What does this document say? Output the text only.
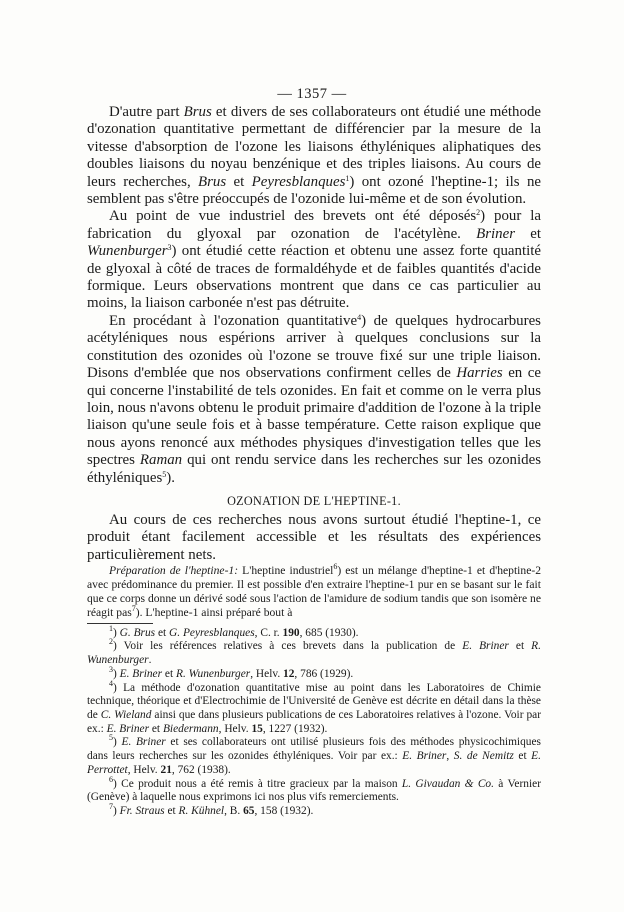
— 1357 —

D'autre part Brus et divers de ses collaborateurs ont étudié une méthode d'ozonation quantitative permettant de différencier par la mesure de la vitesse d'absorption de l'ozone les liaisons éthyléniques aliphatiques des doubles liaisons du noyau benzénique et des triples liaisons. Au cours de leurs recherches, Brus et Peyresblanques$^1$) ont ozoné l'heptine-1; ils ne semblent pas s'être préoccupés de l'ozonide lui-même et de son évolution.

Au point de vue industriel des brevets ont été déposés$^2$) pour la fabrication du glyoxal par ozonation de l'acétylène. Briner et Wunenburger$^3$) ont étudié cette réaction et obtenu une assez forte quantité de glyoxal à côté de traces de formaldéhyde et de faibles quantités d'acide formique. Leurs observations montrent que dans ce cas particulier au moins, la liaison carbonée n'est pas détruite.

En procédant à l'ozonation quantitative$^4$) de quelques hydrocarbures acétyléniques nous espérions arriver à quelques conclusions sur la constitution des ozonides où l'ozone se trouve fixé sur une triple liaison. Disons d'emblée que nos observations confirment celles de Harries en ce qui concerne l'instabilité de tels ozonides. En fait et comme on le verra plus loin, nous n'avons obtenu le produit primaire d'addition de l'ozone à la triple liaison qu'une seule fois et à basse température. Cette raison explique que nous ayons renoncé aux méthodes physiques d'investigation telles que les spectres Raman qui ont rendu service dans les recherches sur les ozonides éthyléniques$^5$).

OZONATION DE L'HEPTINE-1.

Au cours de ces recherches nous avons surtout étudié l'heptine-1, ce produit étant facilement accessible et les résultats des expériences particulièrement nets.

Préparation de l'heptine-1: L'heptine industriel$^6$) est un mélange d'heptine-1 et d'heptine-2 avec prédominance du premier. Il est possible d'en extraire l'heptine-1 pur en se basant sur le fait que ce corps donne un dérivé sodé sous l'action de l'amidure de sodium tandis que son isomère ne réagit pas$^7$). L'heptine-1 ainsi préparé bout à

$^1$) G. Brus et G. Peyresblanques, C. r. 190, 685 (1930).

$^2$) Voir les références relatives à ces brevets dans la publication de E. Briner et R. Wunenburger.

$^3$) E. Briner et R. Wunenburger, Helv. 12, 786 (1929).

$^4$) La méthode d'ozonation quantitative mise au point dans les Laboratoires de Chimie technique, théorique et d'Electrochimie de l'Université de Genève est décrite en détail dans la thèse de C. Wieland ainsi que dans plusieurs publications de ces Laboratoires relatives à l'ozone. Voir par ex.: E. Briner et Biedermann, Helv. 15, 1227 (1932).

$^5$) E. Briner et ses collaborateurs ont utilisé plusieurs fois des méthodes physicochimiques dans leurs recherches sur les ozonides éthyléniques. Voir par ex.: E. Briner, S. de Nemitz et E. Perrottet, Helv. 21, 762 (1938).

$^6$) Ce produit nous a été remis à titre gracieux par la maison L. Givaudan & Co. à Vernier (Genève) à laquelle nous exprimons ici nos plus vifs remerciements.

$^7$) Fr. Straus et R. Kühnel, B. 65, 158 (1932).
